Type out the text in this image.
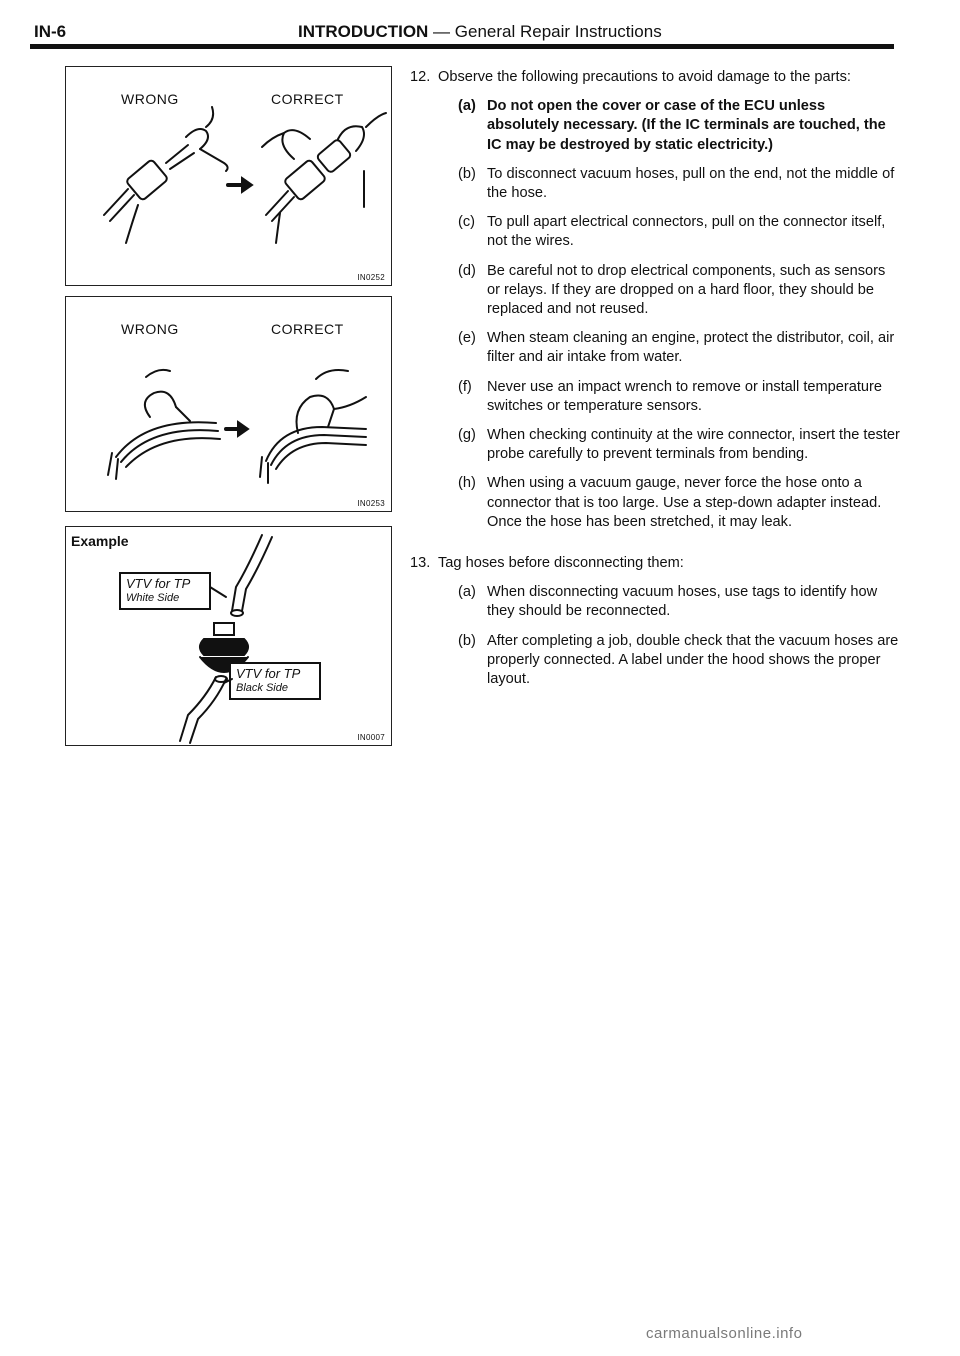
IN-6	INTRODUCTION — General Repair Instructions
WRONG	CORRECT
IN0252
WRONG	CORRECT
IN0253
Example
VTV for TP
White Side
VTV for TP
Black Side
IN0007
12. Observe the following precautions to avoid damage to the parts:
(a) Do not open the cover or case of the ECU unless absolutely necessary. (If the IC terminals are touched, the IC may be destroyed by static electricity.)
(b) To disconnect vacuum hoses, pull on the end, not the middle of the hose.
(c) To pull apart electrical connectors, pull on the connector itself, not the wires.
(d) Be careful not to drop electrical components, such as sensors or relays. If they are dropped on a hard floor, they should be replaced and not reused.
(e) When steam cleaning an engine, protect the distributor, coil, air filter and air intake from water.
(f) Never use an impact wrench to remove or install temperature switches or temperature sensors.
(g) When checking continuity at the wire connector, insert the tester probe carefully to prevent terminals from bending.
(h) When using a vacuum gauge, never force the hose onto a connector that is too large. Use a step-down adapter instead. Once the hose has been stretched, it may leak.
13. Tag hoses before disconnecting them:
(a) When disconnecting vacuum hoses, use tags to identify how they should be reconnected.
(b) After completing a job, double check that the vacuum hoses are properly connected. A label under the hood shows the proper layout.
carmanualsonline.info
